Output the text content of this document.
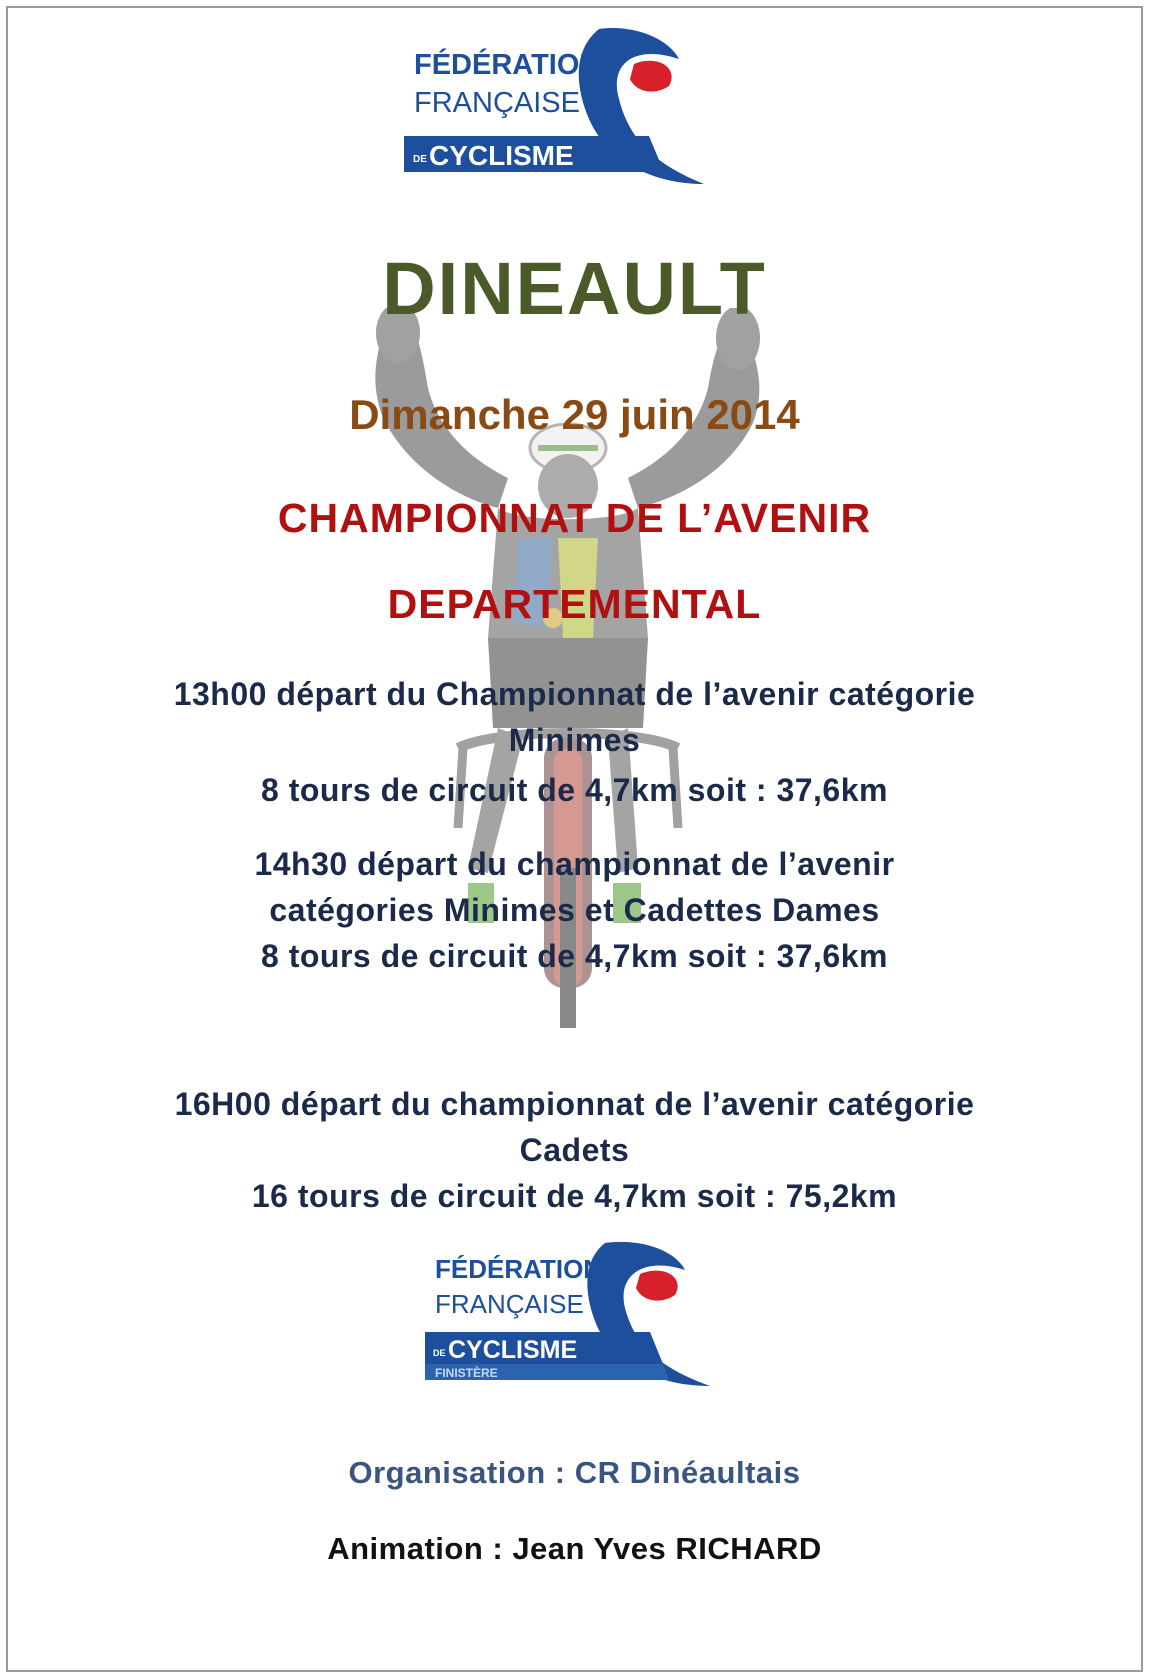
FÉDÉRATION
FRANÇAISE
DE CYCLISME
DINEAULT
Dimanche 29 juin 2014
CHAMPIONNAT DE L’AVENIR
DEPARTEMENTAL
13h00 départ du Championnat de l’avenir catégorie
Minimes
8 tours de circuit de 4,7km soit : 37,6km
14h30 départ du championnat de l’avenir
catégories Minimes et Cadettes Dames
8 tours de circuit de 4,7km soit : 37,6km
16H00 départ du championnat de l’avenir catégorie
Cadets
16 tours de circuit de 4,7km soit : 75,2km
FÉDÉRATION
FRANÇAISE
DE CYCLISME
FINISTÈRE
Organisation : CR Dinéaultais
Animation : Jean Yves RICHARD
